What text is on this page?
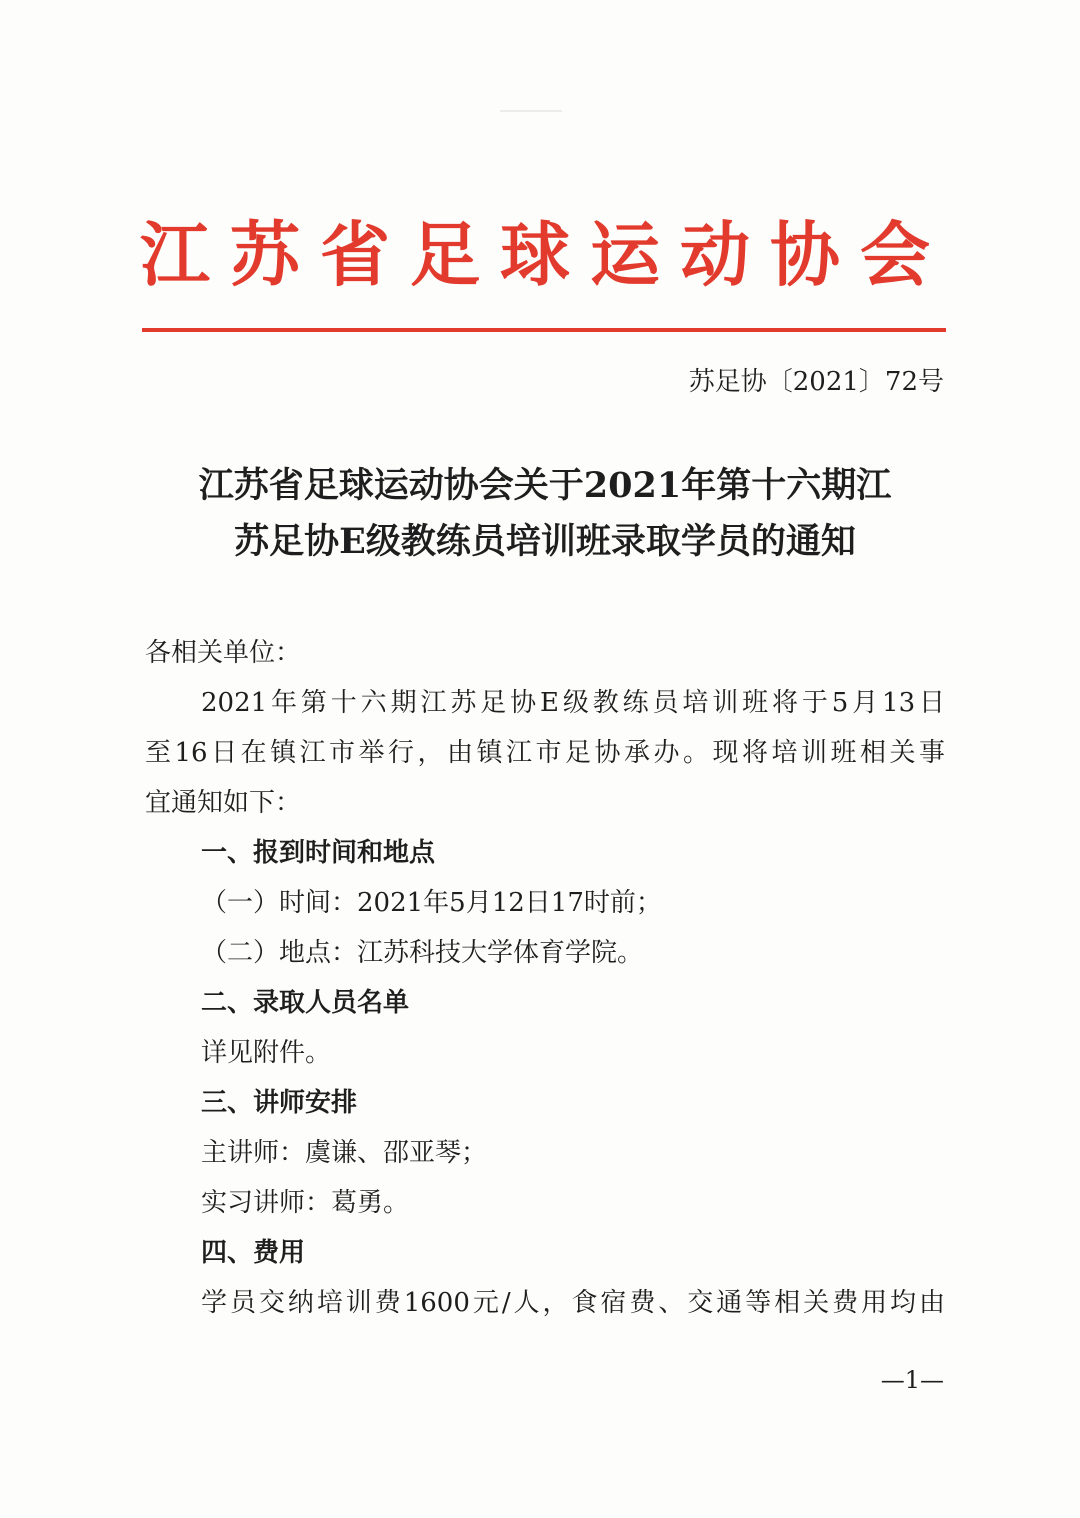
江苏省足球运动协会
苏足协〔2021〕72号
江苏省足球运动协会关于2021年第十六期江
苏足协E级教练员培训班录取学员的通知
各相关单位：
2021年第十六期江苏足协E级教练员培训班将于5月13日
至16日在镇江市举行，由镇江市足协承办。现将培训班相关事
宜通知如下：
一、报到时间和地点
（一）时间：2021年5月12日17时前；
（二）地点：江苏科技大学体育学院。
二、录取人员名单
详见附件。
三、讲师安排
主讲师：虞谦、邵亚琴；
实习讲师：葛勇。
四、费用
学员交纳培训费1600元/人，食宿费、交通等相关费用均由
—1—
